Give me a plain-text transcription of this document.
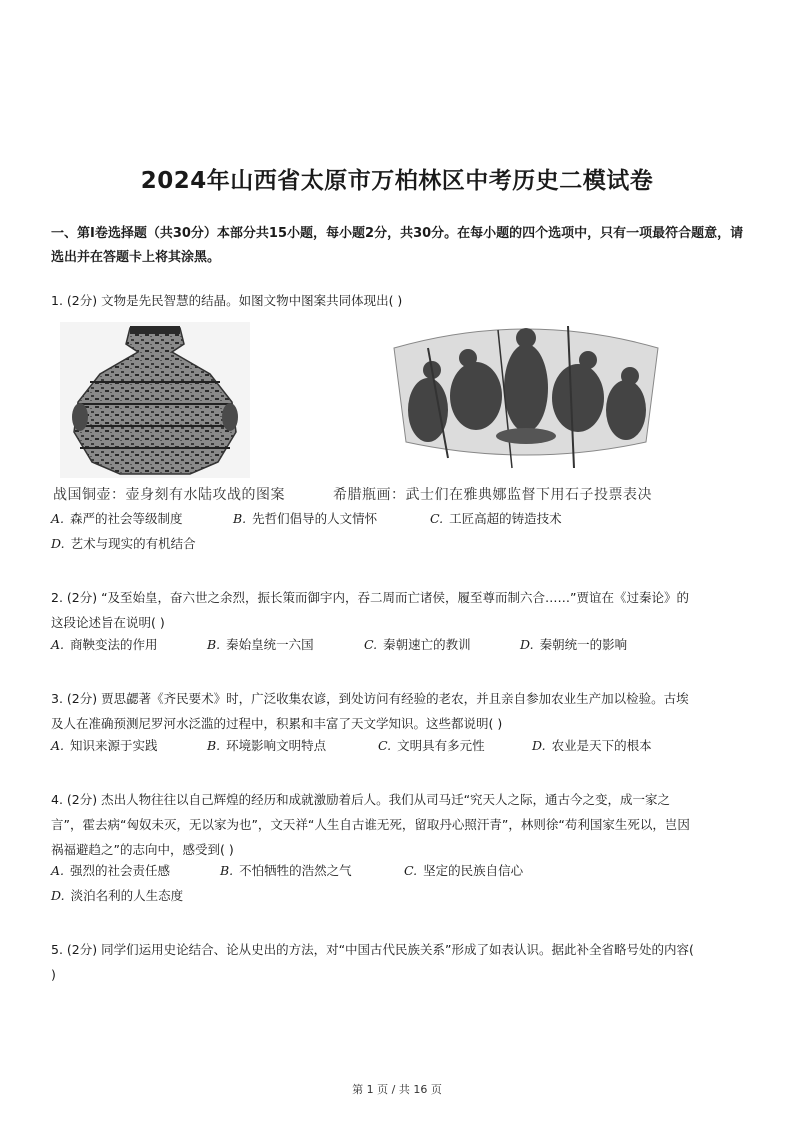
2024年山西省太原市万柏林区中考历史二模试卷
一、第I卷选择题（共30分）本部分共15小题，每小题2分，共30分。在每小题的四个选项中，只有一项最符合题意，请选出并在答题卡上将其涂黑。
1. (2分) 文物是先民智慧的结晶。如图文物中图案共同体现出( )
战国铜壶：壶身刻有水陆攻战的图案	希腊瓶画：武士们在雅典娜监督下用石子投票表决
A. 森严的社会等级制度	B. 先哲们倡导的人文情怀	C. 工匠高超的铸造技术
D. 艺术与现实的有机结合
2. (2分) “及至始皇，奋六世之余烈，振长策而御宇内，吞二周而亡诸侯，履至尊而制六合……”贾谊在《过秦论》的
这段论述旨在说明( )
A. 商鞅变法的作用	B. 秦始皇统一六国	C. 秦朝速亡的教训	D. 秦朝统一的影响
3. (2分) 贾思勰著《齐民要术》时，广泛收集农谚，到处访问有经验的老农，并且亲自参加农业生产加以检验。古埃
及人在准确预测尼罗河水泛滥的过程中，积累和丰富了天文学知识。这些都说明( )
A. 知识来源于实践	B. 环境影响文明特点	C. 文明具有多元性	D. 农业是天下的根本
4. (2分) 杰出人物往往以自己辉煌的经历和成就激励着后人。我们从司马迁“究天人之际，通古今之变，成一家之
言”，霍去病“匈奴未灭，无以家为也”，文天祥“人生自古谁无死，留取丹心照汗青”，林则徐“苟利国家生死以，岂因
祸福避趋之”的志向中，感受到( )
A. 强烈的社会责任感	B. 不怕牺牲的浩然之气	C. 坚定的民族自信心
D. 淡泊名利的人生态度
5. (2分) 同学们运用史论结合、论从史出的方法，对“中国古代民族关系”形成了如表认识。据此补全省略号处的内容(
)
第 1 页 / 共 16 页
